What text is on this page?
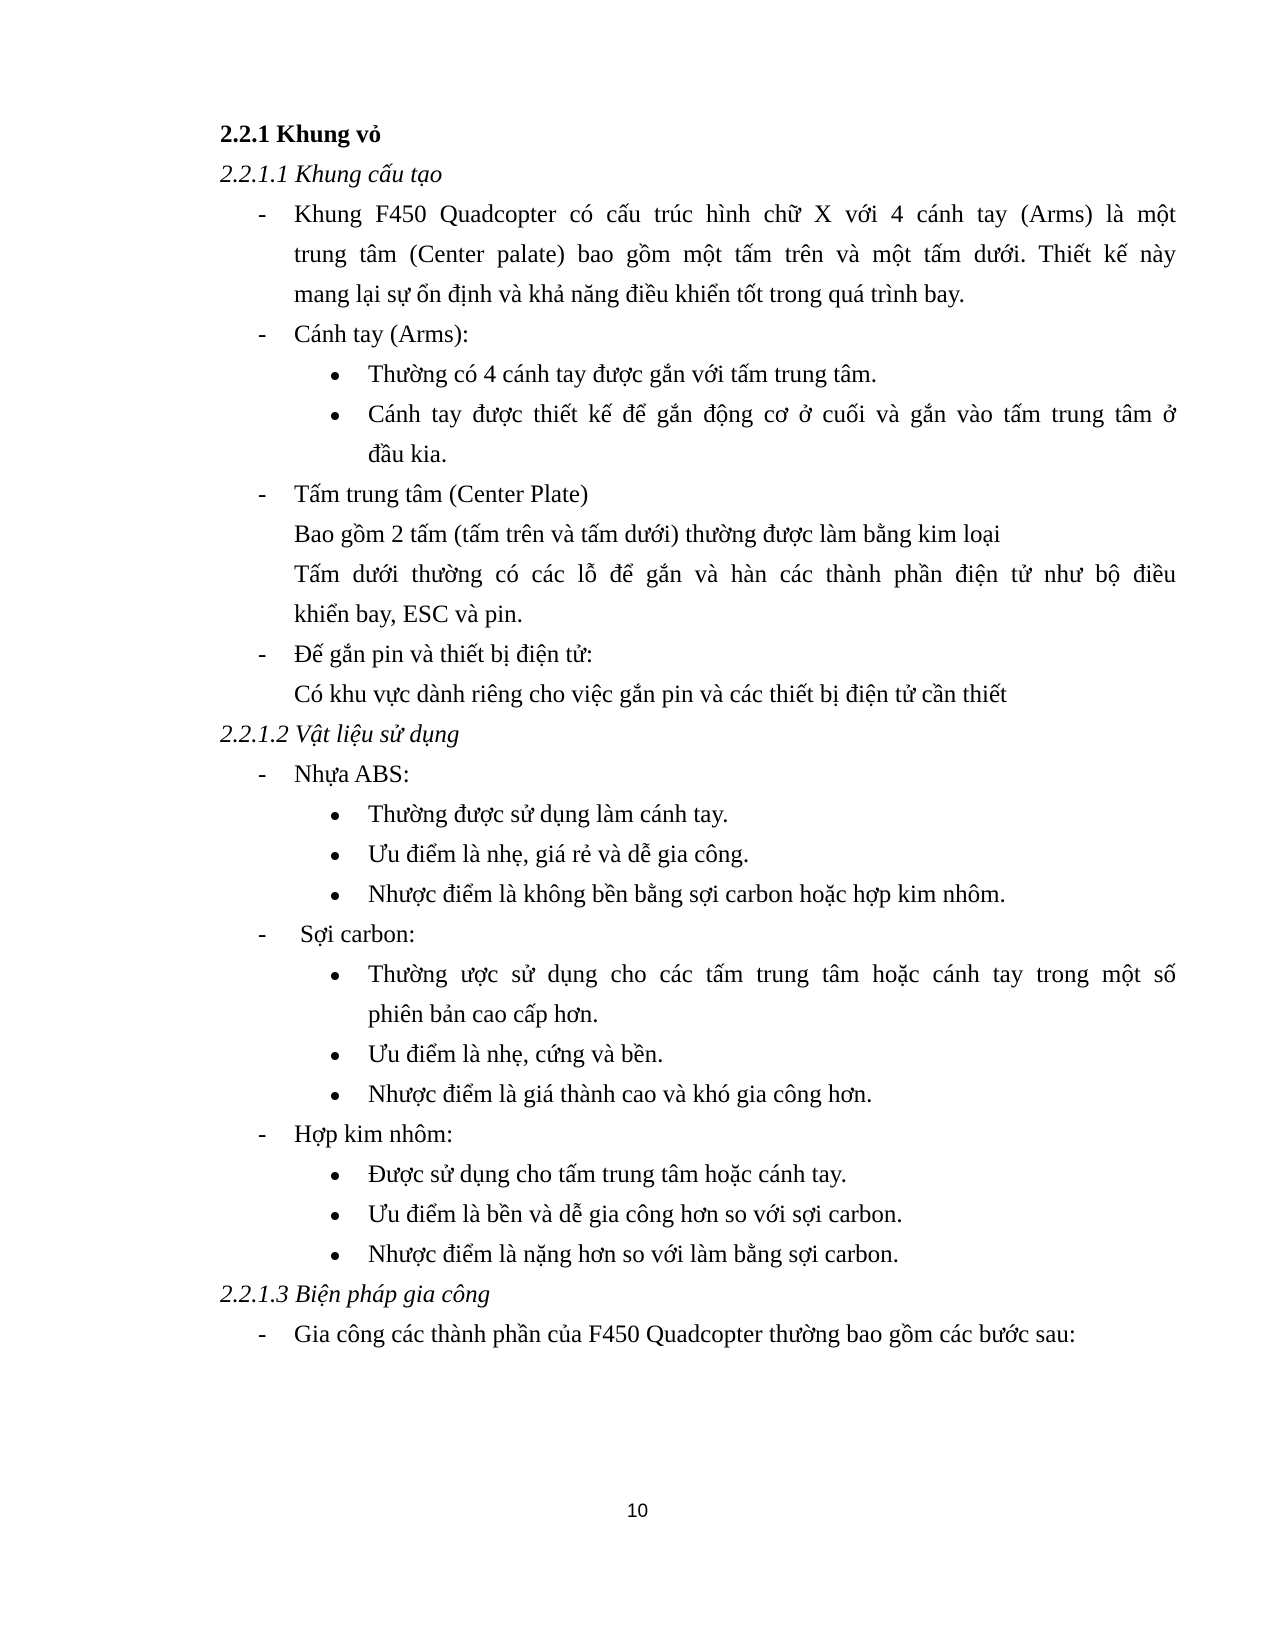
2.2.1 Khung vỏ
2.2.1.1 Khung cấu tạo
- Khung F450 Quadcopter có cấu trúc hình chữ X với 4 cánh tay (Arms) là một
trung tâm (Center palate) bao gồm một tấm trên và một tấm dưới. Thiết kế này
mang lại sự ổn định và khả năng điều khiển tốt trong quá trình bay.
- Cánh tay (Arms):
Thường có 4 cánh tay được gắn với tấm trung tâm.
Cánh tay được thiết kế để gắn động cơ ở cuối và gắn vào tấm trung tâm ở
đầu kia.
- Tấm trung tâm (Center Plate)
Bao gồm 2 tấm (tấm trên và tấm dưới) thường được làm bằng kim loại
Tấm dưới thường có các lỗ để gắn và hàn các thành phần điện tử như bộ điều
khiển bay, ESC và pin.
- Đế gắn pin và thiết bị điện tử:
Có khu vực dành riêng cho việc gắn pin và các thiết bị điện tử cần thiết
2.2.1.2 Vật liệu sử dụng
- Nhựa ABS:
Thường được sử dụng làm cánh tay.
Ưu điểm là nhẹ, giá rẻ và dễ gia công.
Nhược điểm là không bền bằng sợi carbon hoặc hợp kim nhôm.
- Sợi carbon:
Thường ược sử dụng cho các tấm trung tâm hoặc cánh tay trong một số
phiên bản cao cấp hơn.
Ưu điểm là nhẹ, cứng và bền.
Nhược điểm là giá thành cao và khó gia công hơn.
- Hợp kim nhôm:
Được sử dụng cho tấm trung tâm hoặc cánh tay.
Ưu điểm là bền và dễ gia công hơn so với sợi carbon.
Nhược điểm là nặng hơn so với làm bằng sợi carbon.
2.2.1.3 Biện pháp gia công
- Gia công các thành phần của F450 Quadcopter thường bao gồm các bước sau:
10
